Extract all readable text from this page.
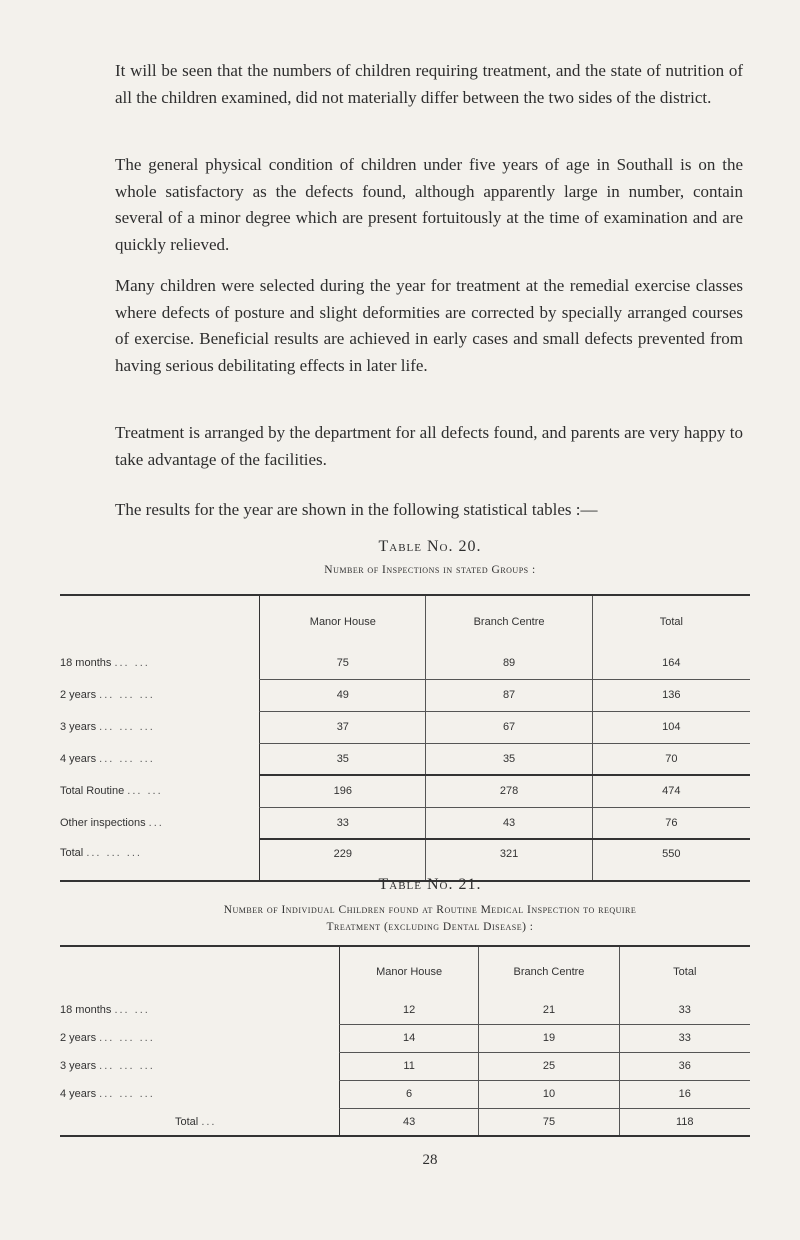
It will be seen that the numbers of children requiring treatment, and the state of nutrition of all the children examined, did not materially differ between the two sides of the district.

The general physical condition of children under five years of age in Southall is on the whole satisfactory as the defects found, although apparently large in number, contain several of a minor degree which are present fortuitously at the time of examination and are quickly relieved.

Many children were selected during the year for treatment at the remedial exercise classes where defects of posture and slight deformities are corrected by specially arranged courses of exercise. Beneficial results are achieved in early cases and small defects prevented from having serious debilitating effects in later life.

Treatment is arranged by the department for all defects found, and parents are very happy to take advantage of the facilities.

The results for the year are shown in the following statistical tables :—

Table No. 20.

Number of Inspections in stated Groups :

	Manor House	Branch Centre	Total
18 months ... ...	75	89	164
2 years ... ... ...	49	87	136
3 years ... ... ...	37	67	104
4 years ... ... ...	35	35	70
Total Routine ... ...	196	278	474
Other inspections ...	33	43	76
Total ... ... ...	229	321	550

Table No. 21.

Number of Individual Children found at Routine Medical Inspection to require

Treatment (excluding Dental Disease) :

	Manor House	Branch Centre	Total
18 months ... ...	12	21	33
2 years ... ... ...	14	19	33
3 years ... ... ...	11	25	36
4 years ... ... ...	6	10	16
Total ...	43	75	118
28
